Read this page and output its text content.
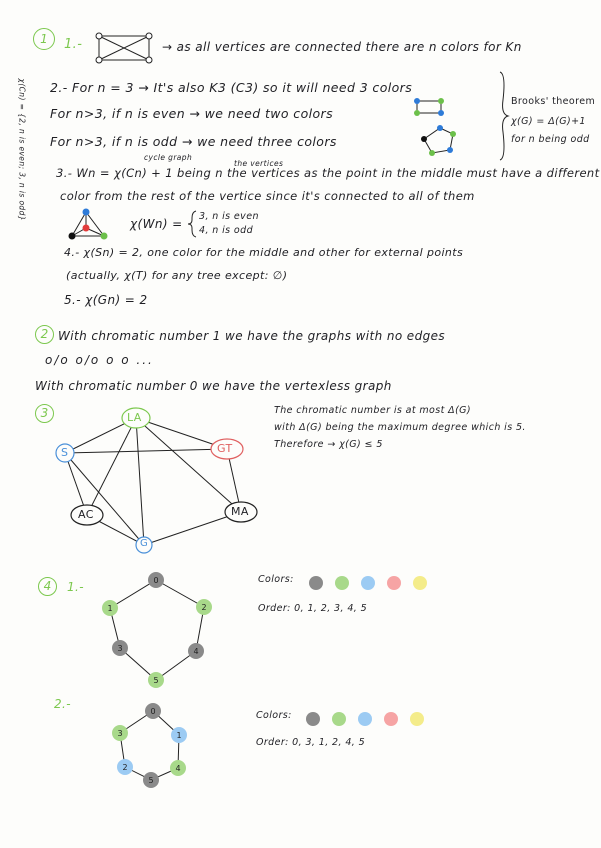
1	1.-	→ as all vertices are connected there are n colors for Kn
2.- For n = 3 → It's also K3 (C3) so it will need 3 colors
For n>3, if n is even → we need two colors
For n>3, if n is odd → we need three colors
χ(Cn) = {2, n is even; 3, n is odd}	Brooks' theorem
χ(G) = Δ(G)+1
for n being odd
cycle graph
the vertices
3.- Wn = χ(Cn) + 1 being n the vertices as the point in the middle must have a different
color from the rest of the vertice since it's connected to all of them
χ(Wn) =
3, n is even
4, n is odd
4.- χ(Sn) = 2, one color for the middle and other for external points
(actually, χ(T) for any tree except: ∅)
5.- χ(Gn) = 2
2 With chromatic number 1 we have the graphs with no edges
o/o o/o o o ...
With chromatic number 0 we have the vertexless graph
3	LA
GT
S
AC	MA
G
The chromatic number is at most Δ(G)
with Δ(G) being the maximum degree which is 5.
Therefore → χ(G) ≤ 5
4	1.-
2.-
0
1	2
3	4
5
0
3	1
2	4
5
Colors:
Order: 0, 1, 2, 3, 4, 5
Colors:
Order: 0, 3, 1, 2, 4, 5
